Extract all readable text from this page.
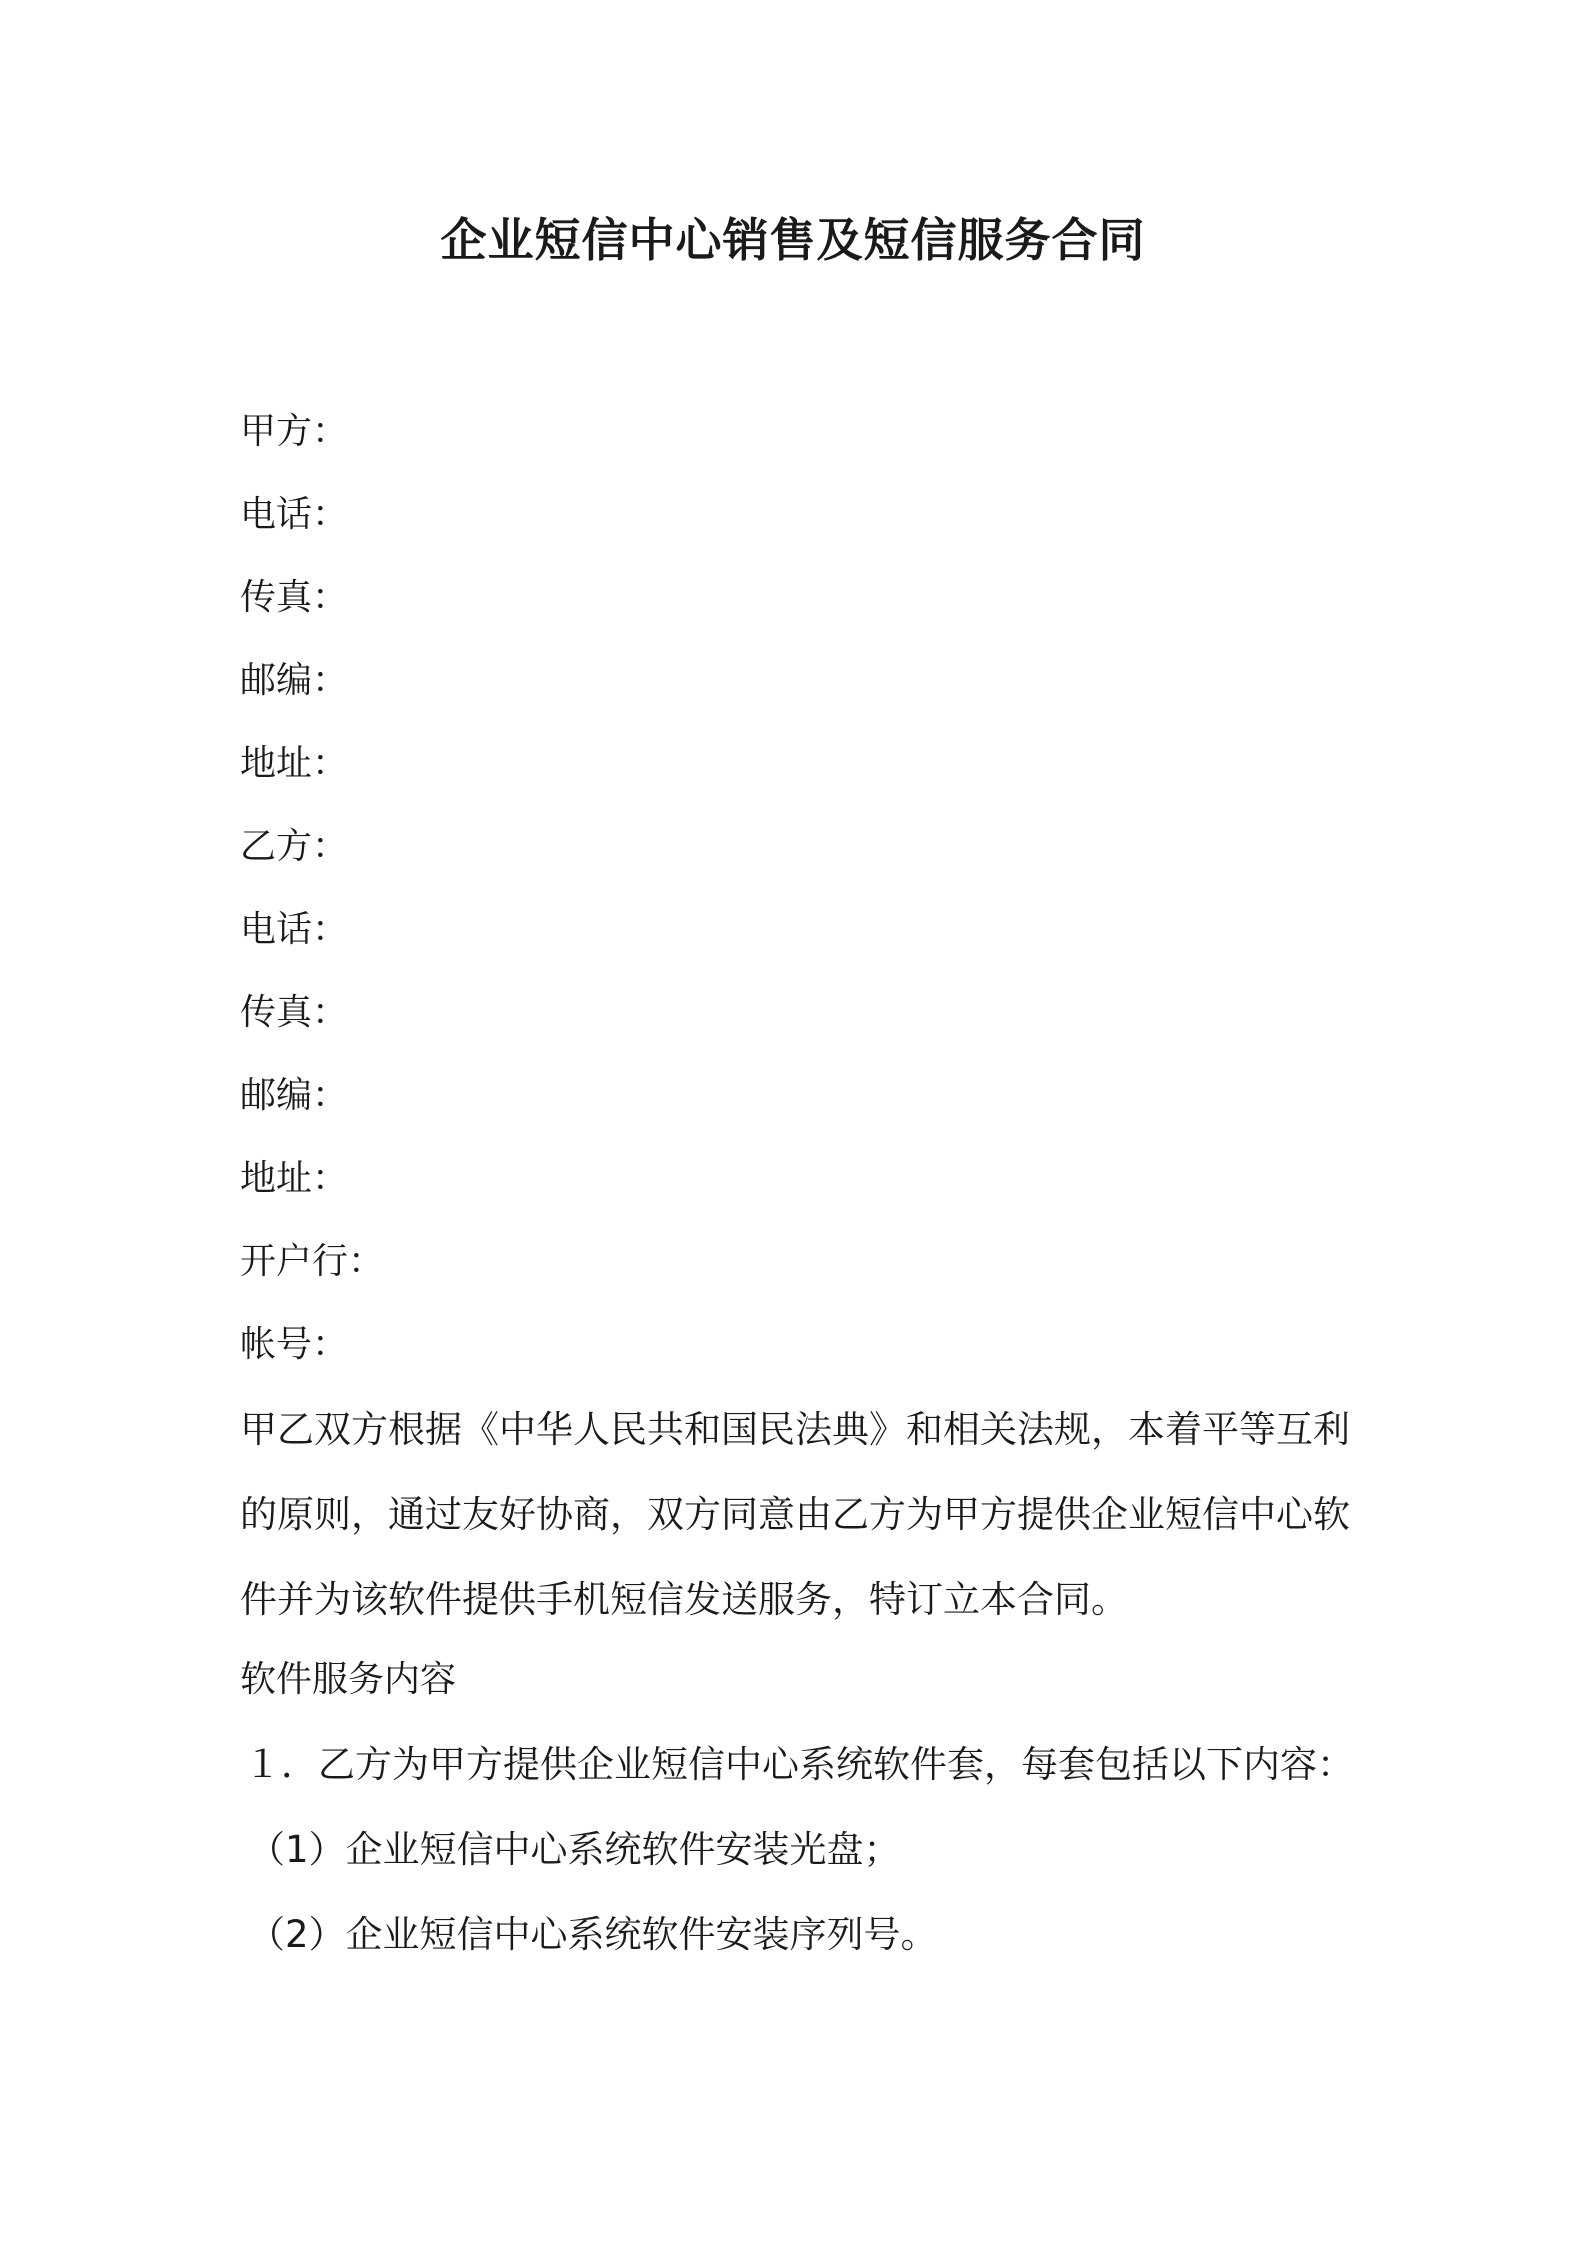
企业短信中心销售及短信服务合同
甲方：
电话：
传真：
邮编：
地址：
乙方：
电话：
传真：
邮编：
地址：
开户行：
帐号：
甲乙双方根据《中华人民共和国民法典》和相关法规，本着平等互利
的原则，通过友好协商，双方同意由乙方为甲方提供企业短信中心软
件并为该软件提供手机短信发送服务，特订立本合同。
软件服务内容
１．乙方为甲方提供企业短信中心系统软件套，每套包括以下内容：
（1）企业短信中心系统软件安装光盘；
（2）企业短信中心系统软件安装序列号。
